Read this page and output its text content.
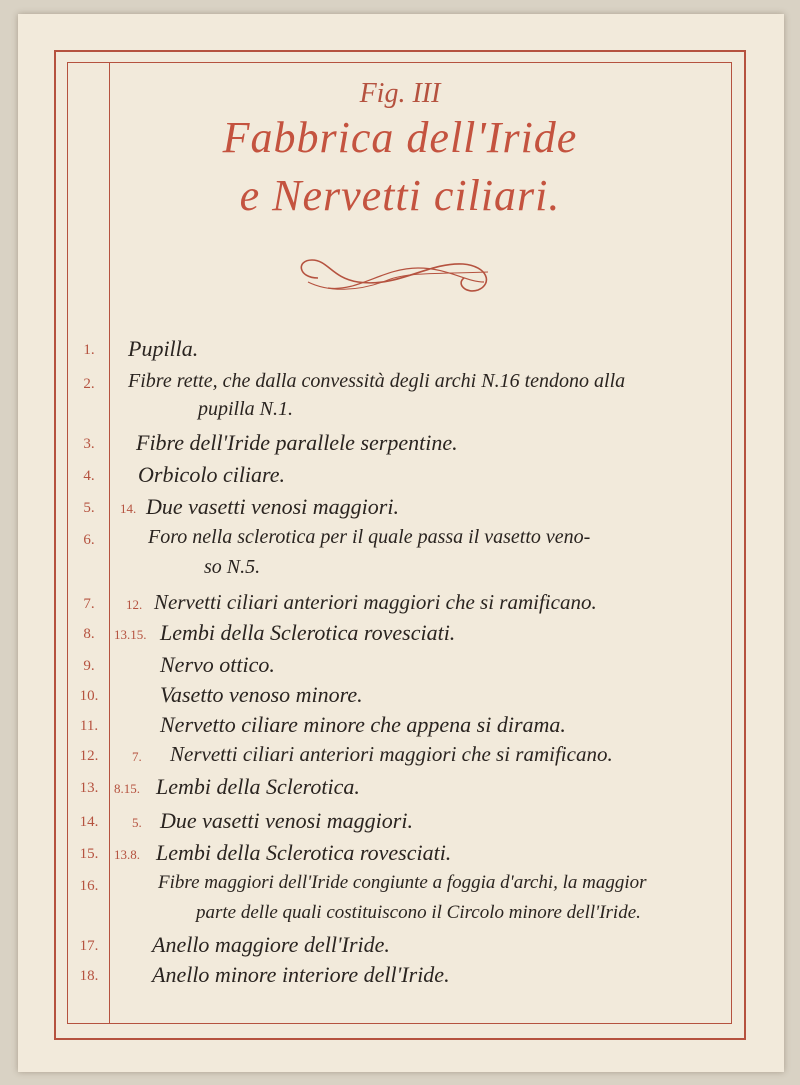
Fig. III
Fabbrica dell'Iride
e Nervetti ciliari.
1.	Pupilla.
2.	Fibre rette, che dalla convessità degli archi N.16 tendono alla
pupilla N.1.
3.	Fibre dell'Iride parallele serpentine.
4.	Orbicolo ciliare.
5.	14. Due vasetti venosi maggiori.
6.	Foro nella sclerotica per il quale passa il vasetto veno-
so N.5.
7.	12. Nervetti ciliari anteriori maggiori che si ramificano.
8.	13.15. Lembi della Sclerotica rovesciati.
9.	Nervo ottico.
10.	Vasetto venoso minore.
11.	Nervetto ciliare minore che appena si dirama.
12.	7. Nervetti ciliari anteriori maggiori che si ramificano.
13.	8.15. Lembi della Sclerotica.
14.	5. Due vasetti venosi maggiori.
15.	13.8. Lembi della Sclerotica rovesciati.
16.	Fibre maggiori dell'Iride congiunte a foggia d'archi, la maggior
parte delle quali costituiscono il Circolo minore dell'Iride.
17.	Anello maggiore dell'Iride.
18.	Anello minore interiore dell'Iride.
